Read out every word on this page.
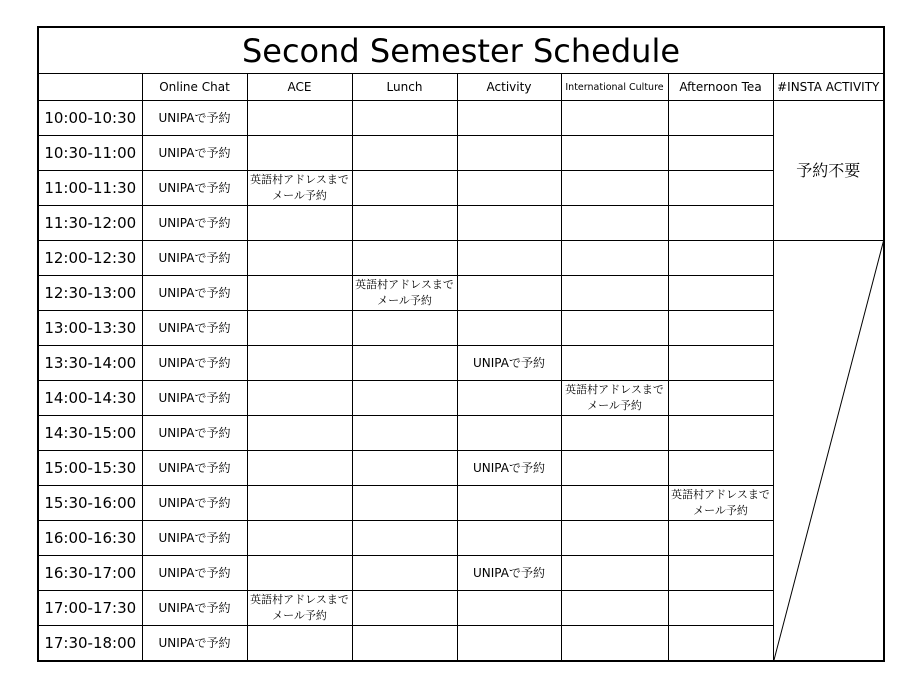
Second Semester Schedule							
	Online Chat	ACE	Lunch	Activity	International Culture	Afternoon Tea	#INSTA ACTIVITY
10:00-10:30	UNIPAで予約						予約不要
10:30-11:00	UNIPAで予約						
11:00-11:30	UNIPAで予約	英語村アドレスまで
メール予約					
11:30-12:00	UNIPAで予約						
12:00-12:30	UNIPAで予約						

12:30-13:00	UNIPAで予約		英語村アドレスまで
メール予約				
13:00-13:30	UNIPAで予約						
13:30-14:00	UNIPAで予約			UNIPAで予約			
14:00-14:30	UNIPAで予約				英語村アドレスまで
メール予約		
14:30-15:00	UNIPAで予約						
15:00-15:30	UNIPAで予約			UNIPAで予約			
15:30-16:00	UNIPAで予約					英語村アドレスまで
メール予約	
16:00-16:30	UNIPAで予約						
16:30-17:00	UNIPAで予約			UNIPAで予約			
17:00-17:30	UNIPAで予約	英語村アドレスまで
メール予約					
17:30-18:00	UNIPAで予約						
